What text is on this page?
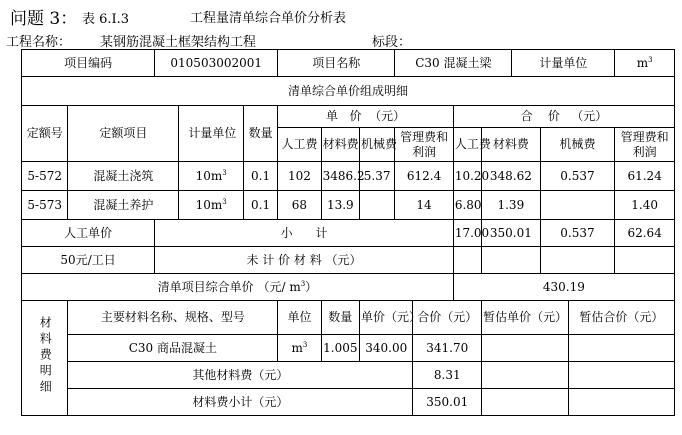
问题 3： 表 6.Ⅰ.3	工程量清单综合单价分析表
工程名称： 某钢筋混凝土框架结构工程	标段：
项目编码		010503002001			项目名称			C30 混凝土梁				计量单位			$m^3$
清单综合单价组成明细															
定额号	定额项目		计量单位	数量	单   价  （元）					合    价   （元）					
					人工费	材料费	机械费	管理费和利润		人工费	材料费		机械费		管理费和利润
5-572	混凝土浇筑		$10m^3$	0.1	102	3486.2	5.37	612.4		10.20	348.62		0.537		61.24
5-573	混凝土养护		$10m^3$	0.1	68	13.9		14		6.80	1.39				1.40
人工单价		小      计								17.00	350.01		0.537		62.64
50元/工日		未 计 价 材 料 （元）													
清单项目综合单价 （元/ $m^3$）										430.19					
材料费明细	主要材料名称、规格、型号				单位	数量	单价（元）		合价（元）		暂估单价（元）			暂估合价（元）	
	C30 商品混凝土				$m^3$	1.005	340.00		341.70						
	其他材料费（元）								8.31						
	材料费小计（元）								350.01						
